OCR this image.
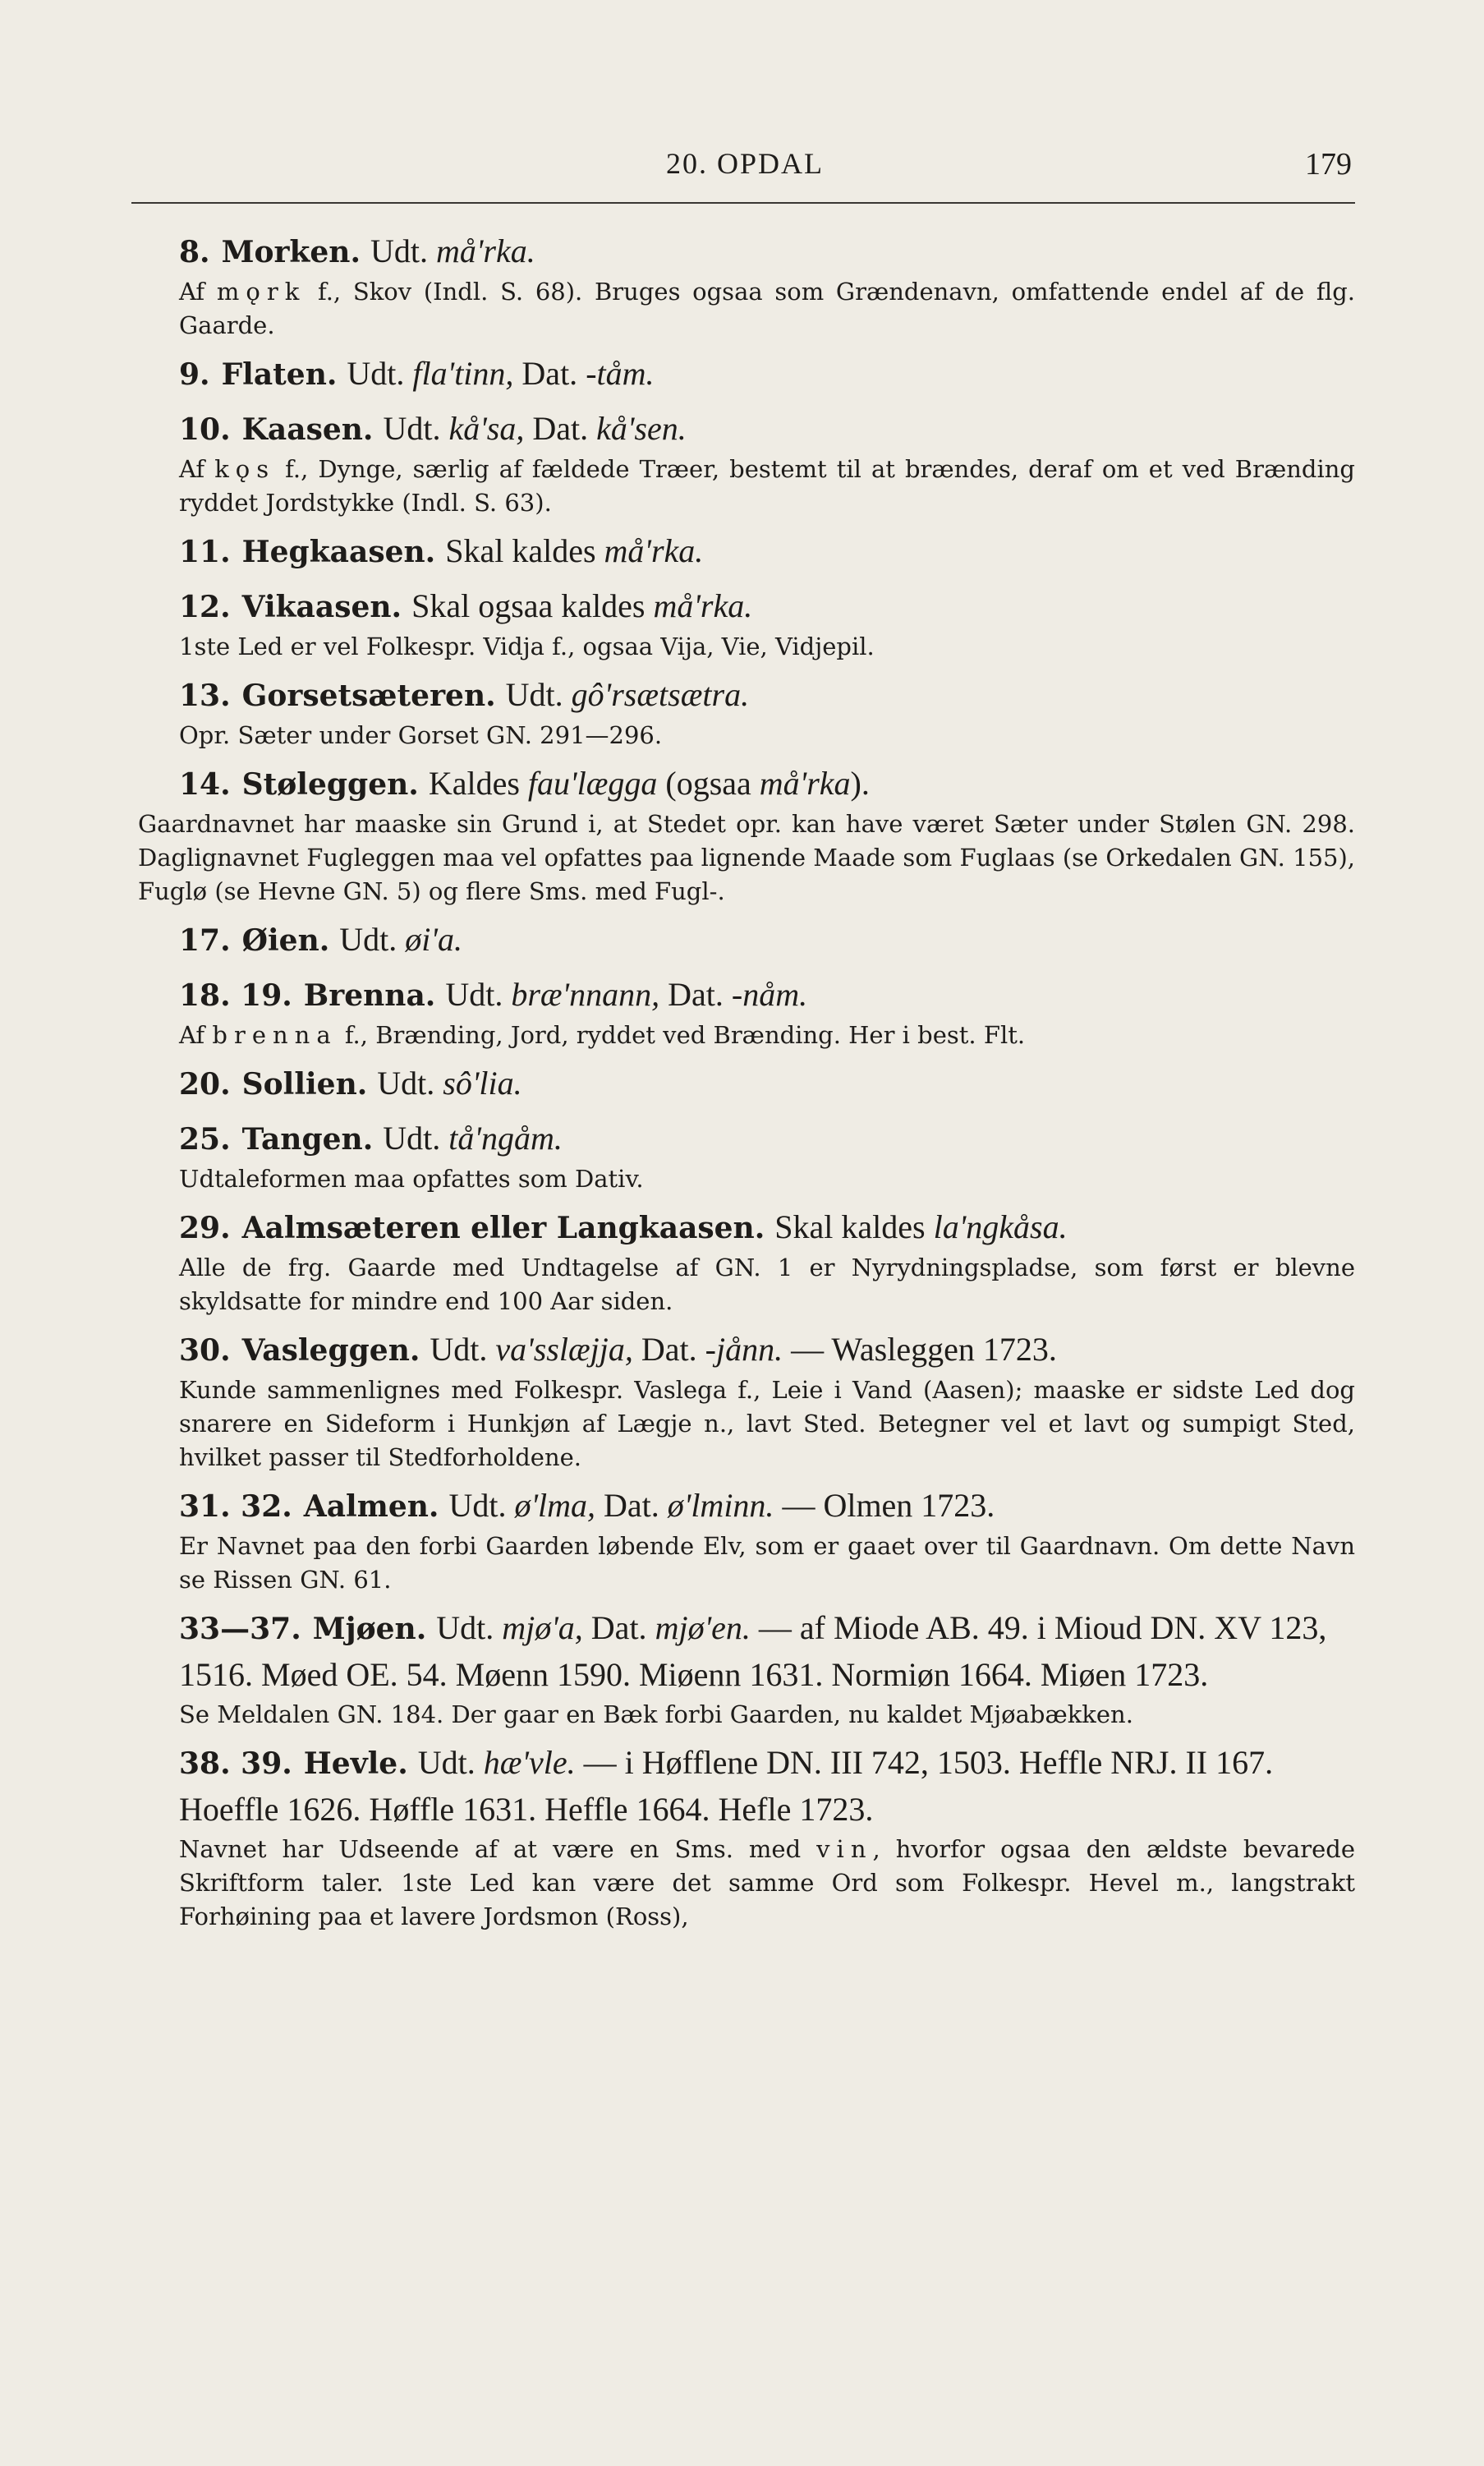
20. OPDAL	179

8. Morken. Udt. må'rka.

Af mǫrk f., Skov (Indl. S. 68). Bruges ogsaa som Grændenavn, omfattende endel af de flg. Gaarde.

9. Flaten. Udt. fla'tinn, Dat. -tåm.

10. Kaasen. Udt. kå'sa, Dat. kå'sen.

Af kǫs f., Dynge, særlig af fældede Træer, bestemt til at brændes, deraf om et ved Brænding ryddet Jordstykke (Indl. S. 63).

11. Hegkaasen. Skal kaldes må'rka.

12. Vikaasen. Skal ogsaa kaldes må'rka.

1ste Led er vel Folkespr. Vidja f., ogsaa Vija, Vie, Vidjepil.

13. Gorsetsæteren. Udt. gô'rsætsætra.

Opr. Sæter under Gorset GN. 291—296.

14. Støleggen. Kaldes fau'lægga (ogsaa må'rka).

Gaardnavnet har maaske sin Grund i, at Stedet opr. kan have været Sæter under Stølen GN. 298. Daglignavnet Fugleggen maa vel opfattes paa lignende Maade som Fuglaas (se Orkedalen GN. 155), Fuglø (se Hevne GN. 5) og flere Sms. med Fugl-.

17. Øien. Udt. øi'a.

18. 19. Brenna. Udt. bræ'nnann, Dat. -nåm.

Af brenna f., Brænding, Jord, ryddet ved Brænding. Her i best. Flt.

20. Sollien. Udt. sô'lia.

25. Tangen. Udt. tå'ngåm.

Udtaleformen maa opfattes som Dativ.

29. Aalmsæteren eller Langkaasen. Skal kaldes la'ngkåsa.

Alle de frg. Gaarde med Undtagelse af GN. 1 er Nyrydningspladse, som først er blevne skyldsatte for mindre end 100 Aar siden.

30. Vasleggen. Udt. va'sslæjja, Dat. -jånn. — Wasleggen 1723.

Kunde sammenlignes med Folkespr. Vaslega f., Leie i Vand (Aasen); maaske er sidste Led dog snarere en Sideform i Hunkjøn af Lægje n., lavt Sted. Betegner vel et lavt og sumpigt Sted, hvilket passer til Stedforholdene.

31. 32. Aalmen. Udt. ø'lma, Dat. ø'lminn. — Olmen 1723.

Er Navnet paa den forbi Gaarden løbende Elv, som er gaaet over til Gaardnavn. Om dette Navn se Rissen GN. 61.

33—37. Mjøen. Udt. mjø'a, Dat. mjø'en. — af Miode AB. 49. i Mioud DN. XV 123, 1516. Møed OE. 54. Møenn 1590. Miøenn 1631. Normiøn 1664. Miøen 1723.

Se Meldalen GN. 184. Der gaar en Bæk forbi Gaarden, nu kaldet Mjøabækken.

38. 39. Hevle. Udt. hæ'vle. — i Høfflene DN. III 742, 1503. Heffle NRJ. II 167. Hoeffle 1626. Høffle 1631. Heffle 1664. Hefle 1723.

Navnet har Udseende af at være en Sms. med vin, hvorfor ogsaa den ældste bevarede Skriftform taler. 1ste Led kan være det samme Ord som Folkespr. Hevel m., langstrakt Forhøining paa et lavere Jordsmon (Ross),
